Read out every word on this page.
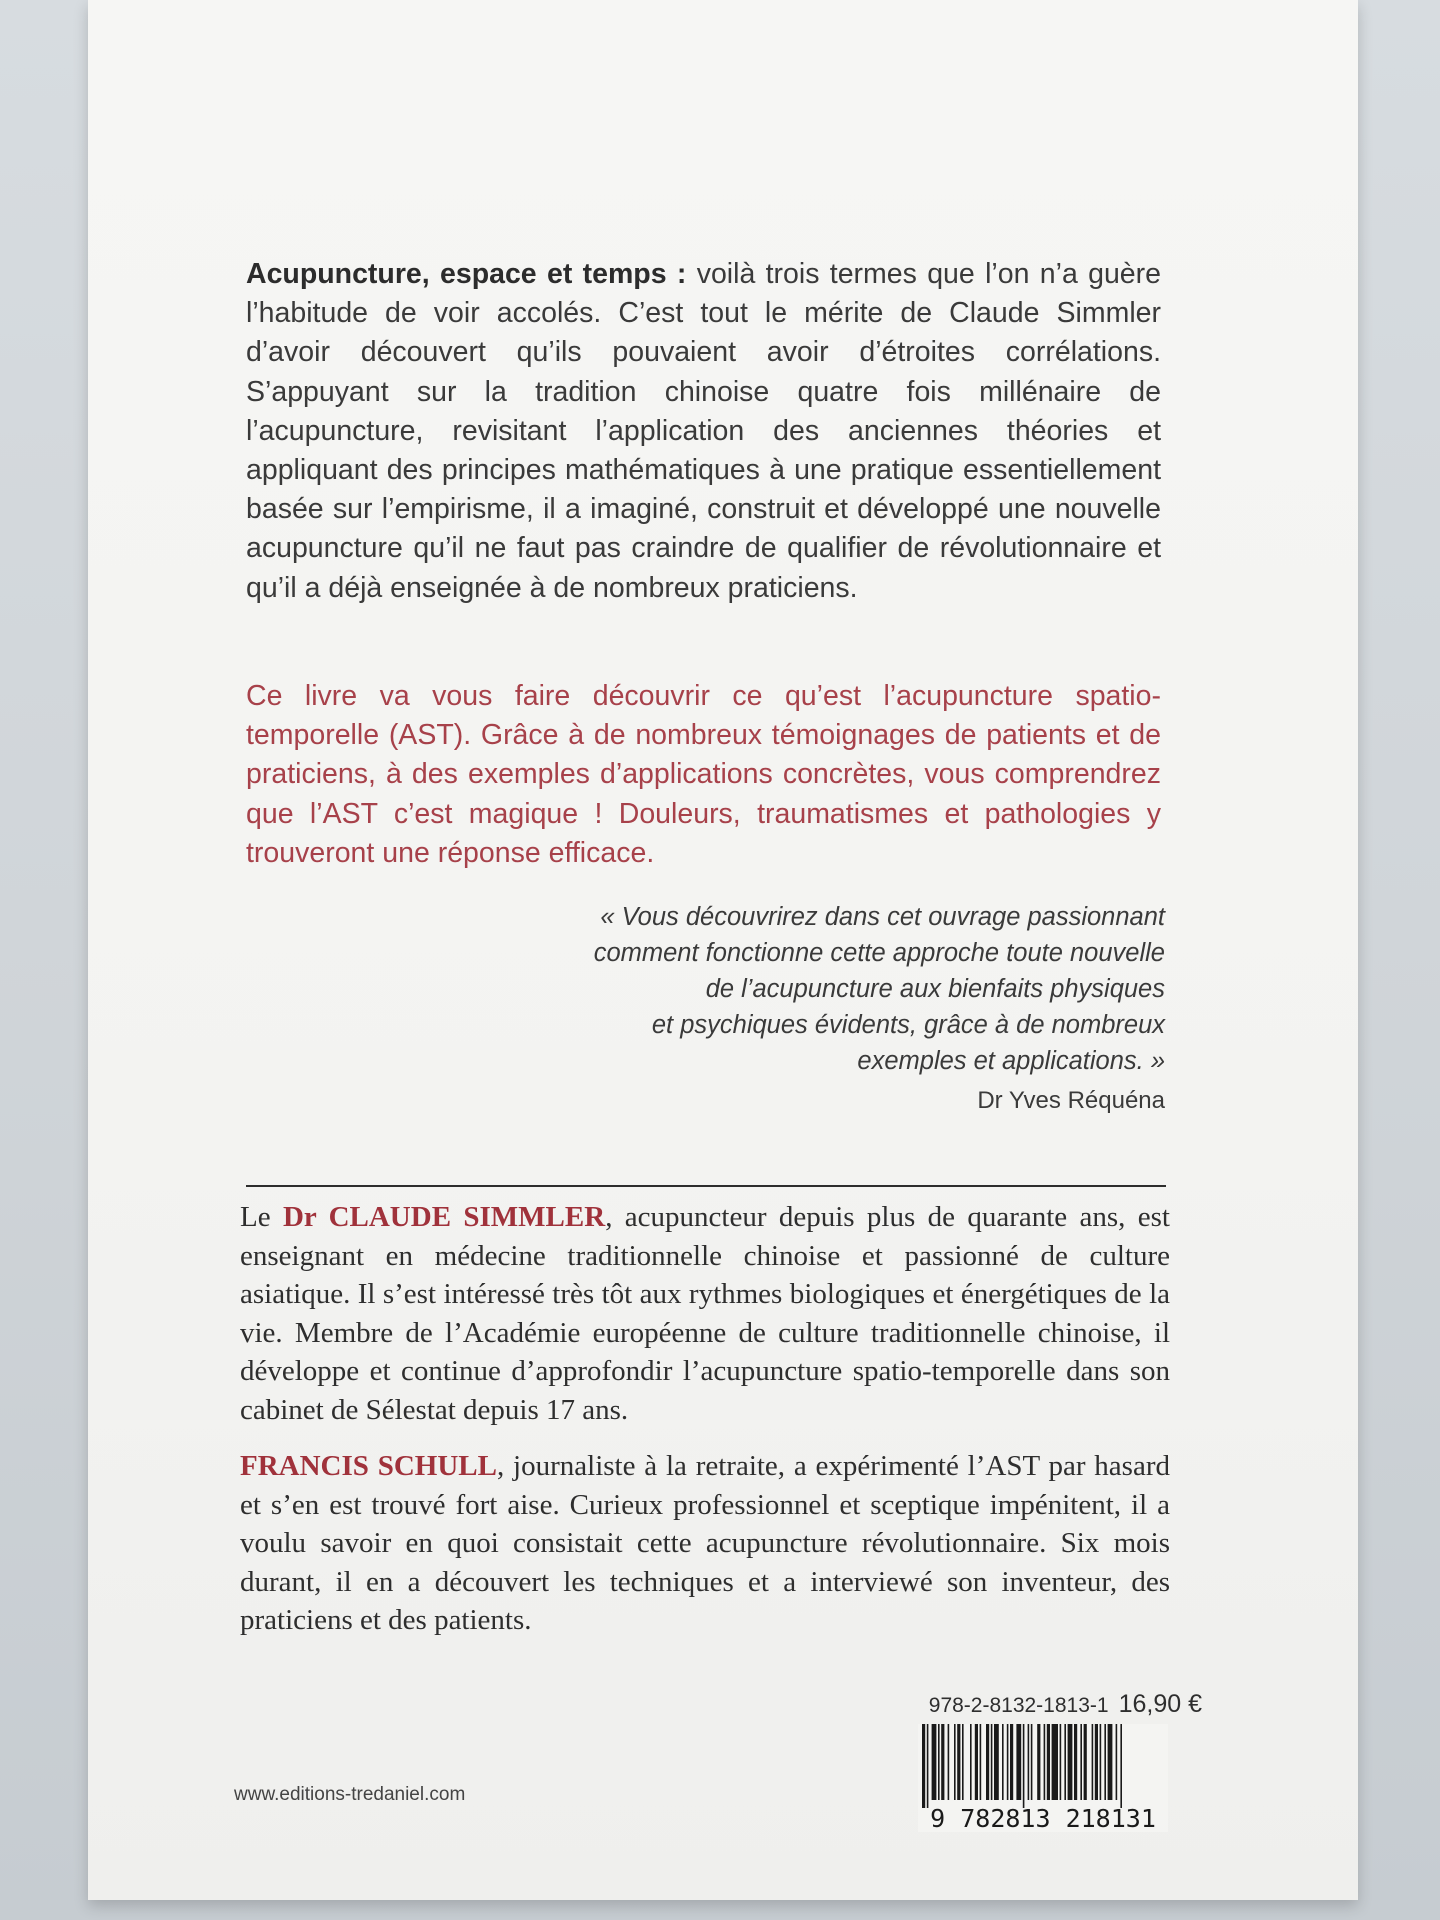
Acupuncture, espace et temps : voilà trois termes que l’on n’a guère l’habitude de voir accolés. C’est tout le mérite de Claude Simmler d’avoir découvert qu’ils pouvaient avoir d’étroites corrélations. S’appuyant sur la tradition chinoise quatre fois millénaire de l’acupuncture, revisitant l’application des anciennes théories et appliquant des principes mathématiques à une pratique essentiellement basée sur l’empirisme, il a imaginé, construit et développé une nouvelle acupuncture qu’il ne faut pas craindre de qualifier de révolutionnaire et qu’il a déjà enseignée à de nombreux praticiens.

Ce livre va vous faire découvrir ce qu’est l’acupuncture spatio-temporelle (AST). Grâce à de nombreux témoignages de patients et de praticiens, à des exemples d’applications concrètes, vous comprendrez que l’AST c’est magique ! Douleurs, traumatismes et pathologies y trouveront une réponse efficace.

« Vous découvrirez dans cet ouvrage passionnant
comment fonctionne cette approche toute nouvelle
de l’acupuncture aux bienfaits physiques
et psychiques évidents, grâce à de nombreux
exemples et applications. »

Dr Yves Réquéna

Le Dr CLAUDE SIMMLER, acupuncteur depuis plus de quarante ans, est enseignant en médecine traditionnelle chinoise et passionné de culture asiatique. Il s’est intéressé très tôt aux rythmes biologiques et énergétiques de la vie. Membre de l’Académie européenne de culture traditionnelle chinoise, il développe et continue d’approfondir l’acupuncture spatio-temporelle dans son cabinet de Sélestat depuis 17 ans.

FRANCIS SCHULL, journaliste à la retraite, a expérimenté l’AST par hasard et s’en est trouvé fort aise. Curieux professionnel et sceptique impénitent, il a voulu savoir en quoi consistait cette acupuncture révolutionnaire. Six mois durant, il en a découvert les techniques et a interviewé son inventeur, des praticiens et des patients.

978-2-8132-1813-1 16,90 €
9 782813 218131
www.editions-tredaniel.com
